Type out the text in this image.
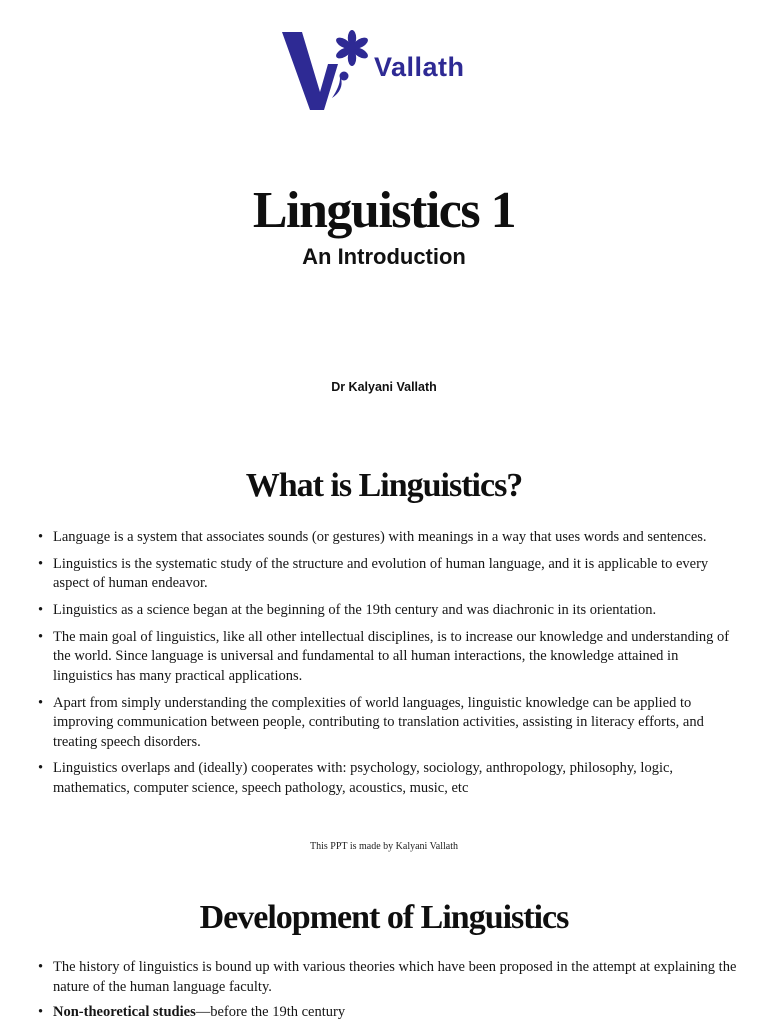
Vallath
Linguistics 1
An Introduction
Dr Kalyani Vallath
What is Linguistics?
• Language is a system that associates sounds (or gestures) with meanings in a way that uses words and sentences.
• Linguistics is the systematic study of the structure and evolution of human language, and it is applicable to every aspect of human endeavor.
• Linguistics as a science began at the beginning of the 19th century and was diachronic in its orientation.
• The main goal of linguistics, like all other intellectual disciplines, is to increase our knowledge and understanding of the world. Since language is universal and fundamental to all human interactions, the knowledge attained in linguistics has many practical applications.
• Apart from simply understanding the complexities of world languages, linguistic knowledge can be applied to improving communication between people, contributing to translation activities, assisting in literacy efforts, and treating speech disorders.
• Linguistics overlaps and (ideally) cooperates with: psychology, sociology, anthropology, philosophy, logic, mathematics, computer science, speech pathology, acoustics, music, etc
This PPT is made by Kalyani Vallath
Development of Linguistics
• The history of linguistics is bound up with various theories which have been proposed in the attempt at explaining the nature of the human language faculty.
• Non-theoretical studies—before the 19th century
